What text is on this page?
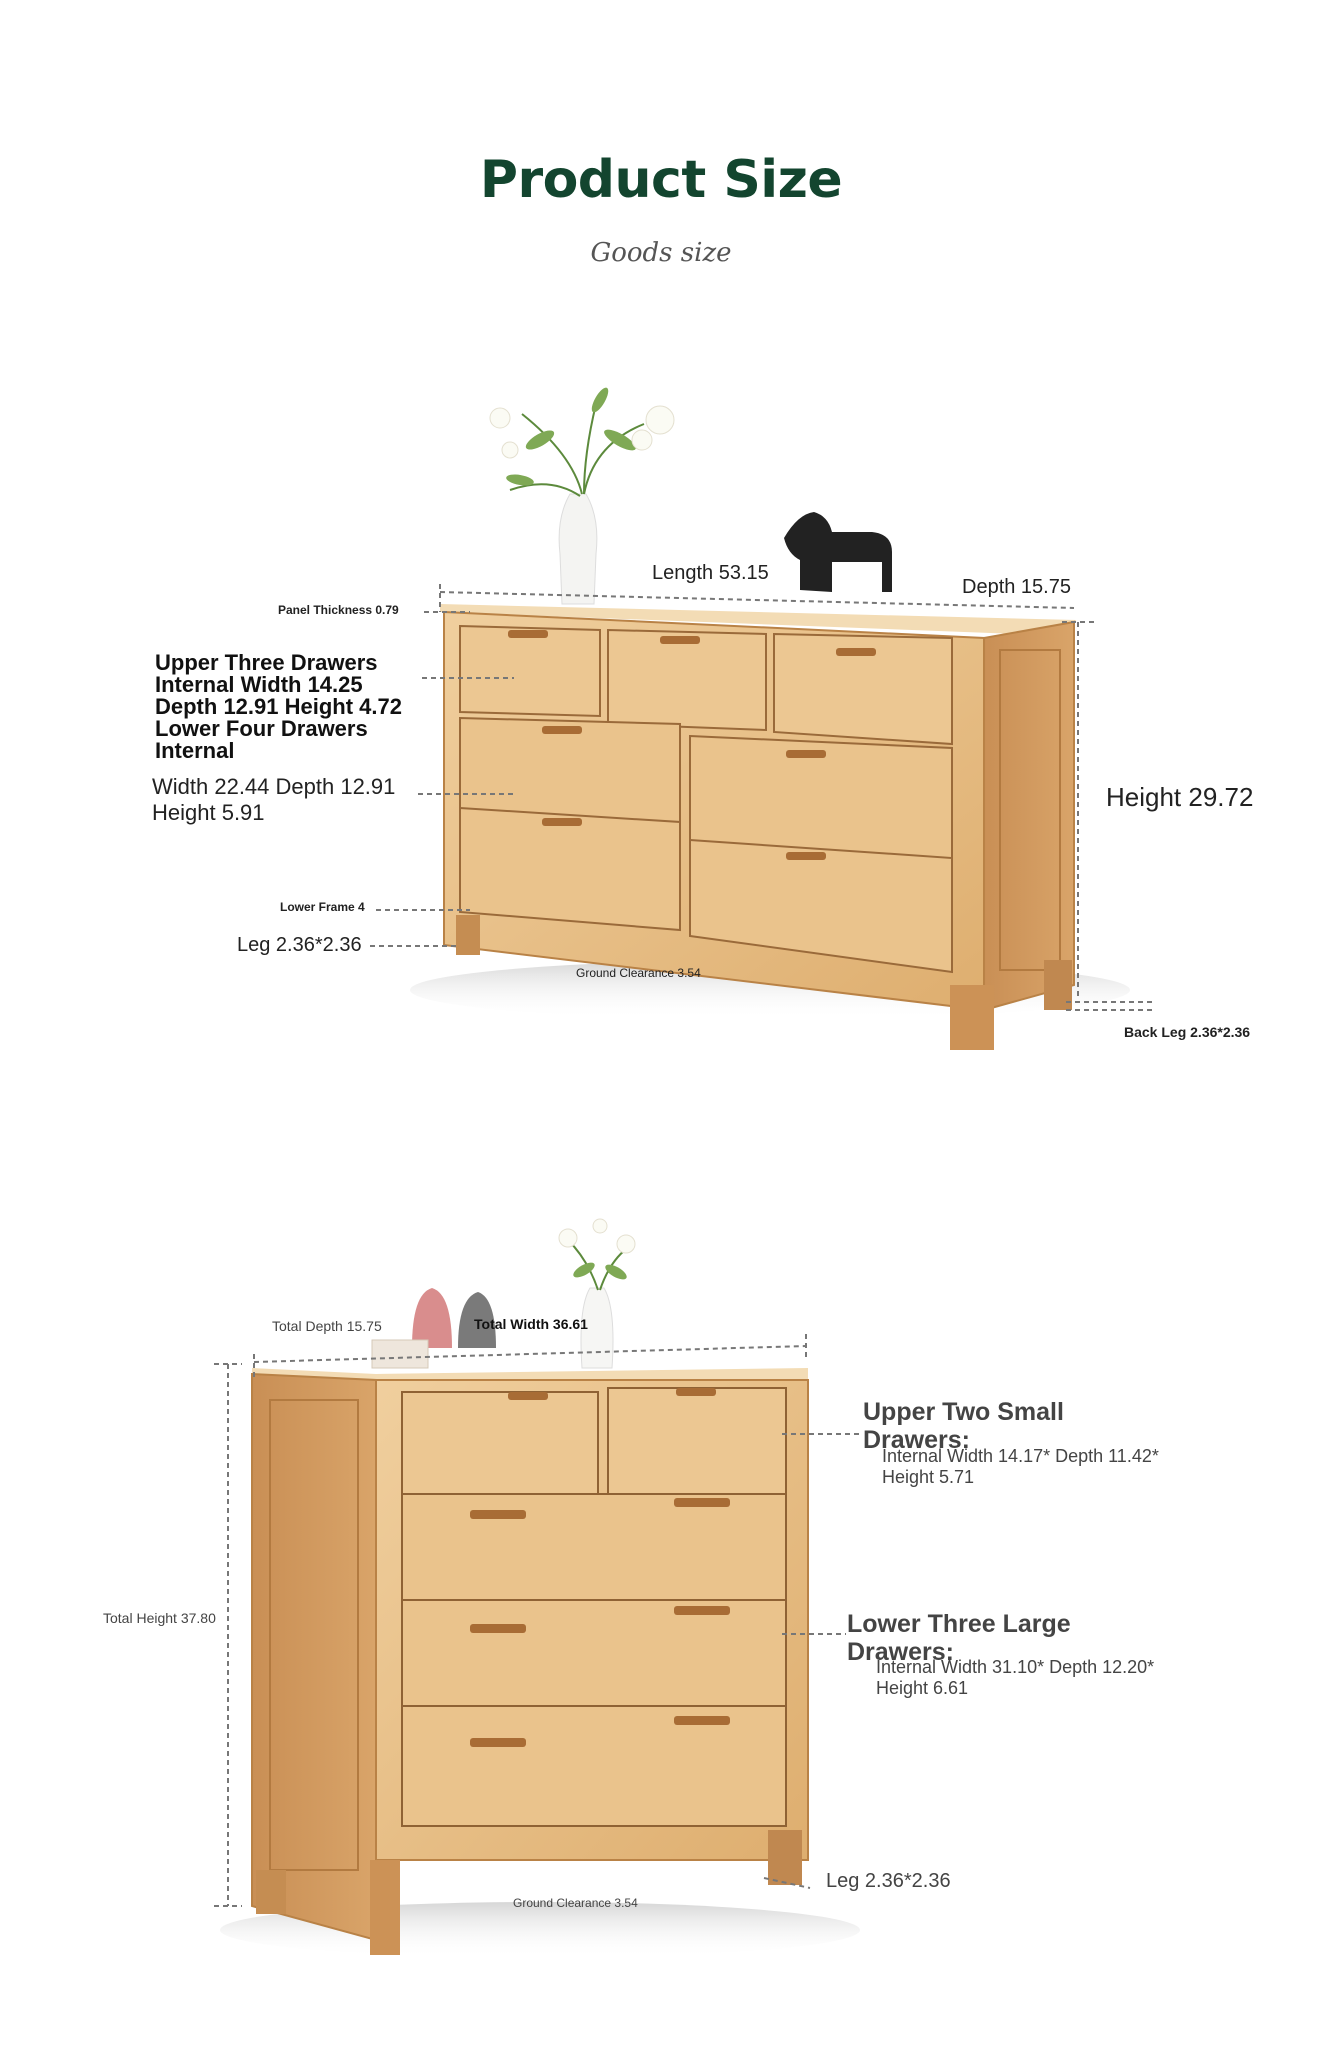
Product Size
Goods size
Length 53.15
Depth 15.75
Panel Thickness 0.79
Upper Three Drawers Internal Width 14.25 Depth 12.91 Height 4.72 Lower Four Drawers Internal
Width 22.44 Depth 12.91 Height 5.91
Height 29.72
Lower Frame 4
Leg 2.36*2.36
Ground Clearance 3.54
Back Leg 2.36*2.36
Total Depth 15.75	Total Width 36.61
Total Height 37.80
Upper Two Small Drawers:
Internal Width 14.17* Depth 11.42* Height 5.71
Lower Three Large Drawers:
Internal Width 31.10* Depth 12.20* Height 6.61
Leg 2.36*2.36
Ground Clearance 3.54
